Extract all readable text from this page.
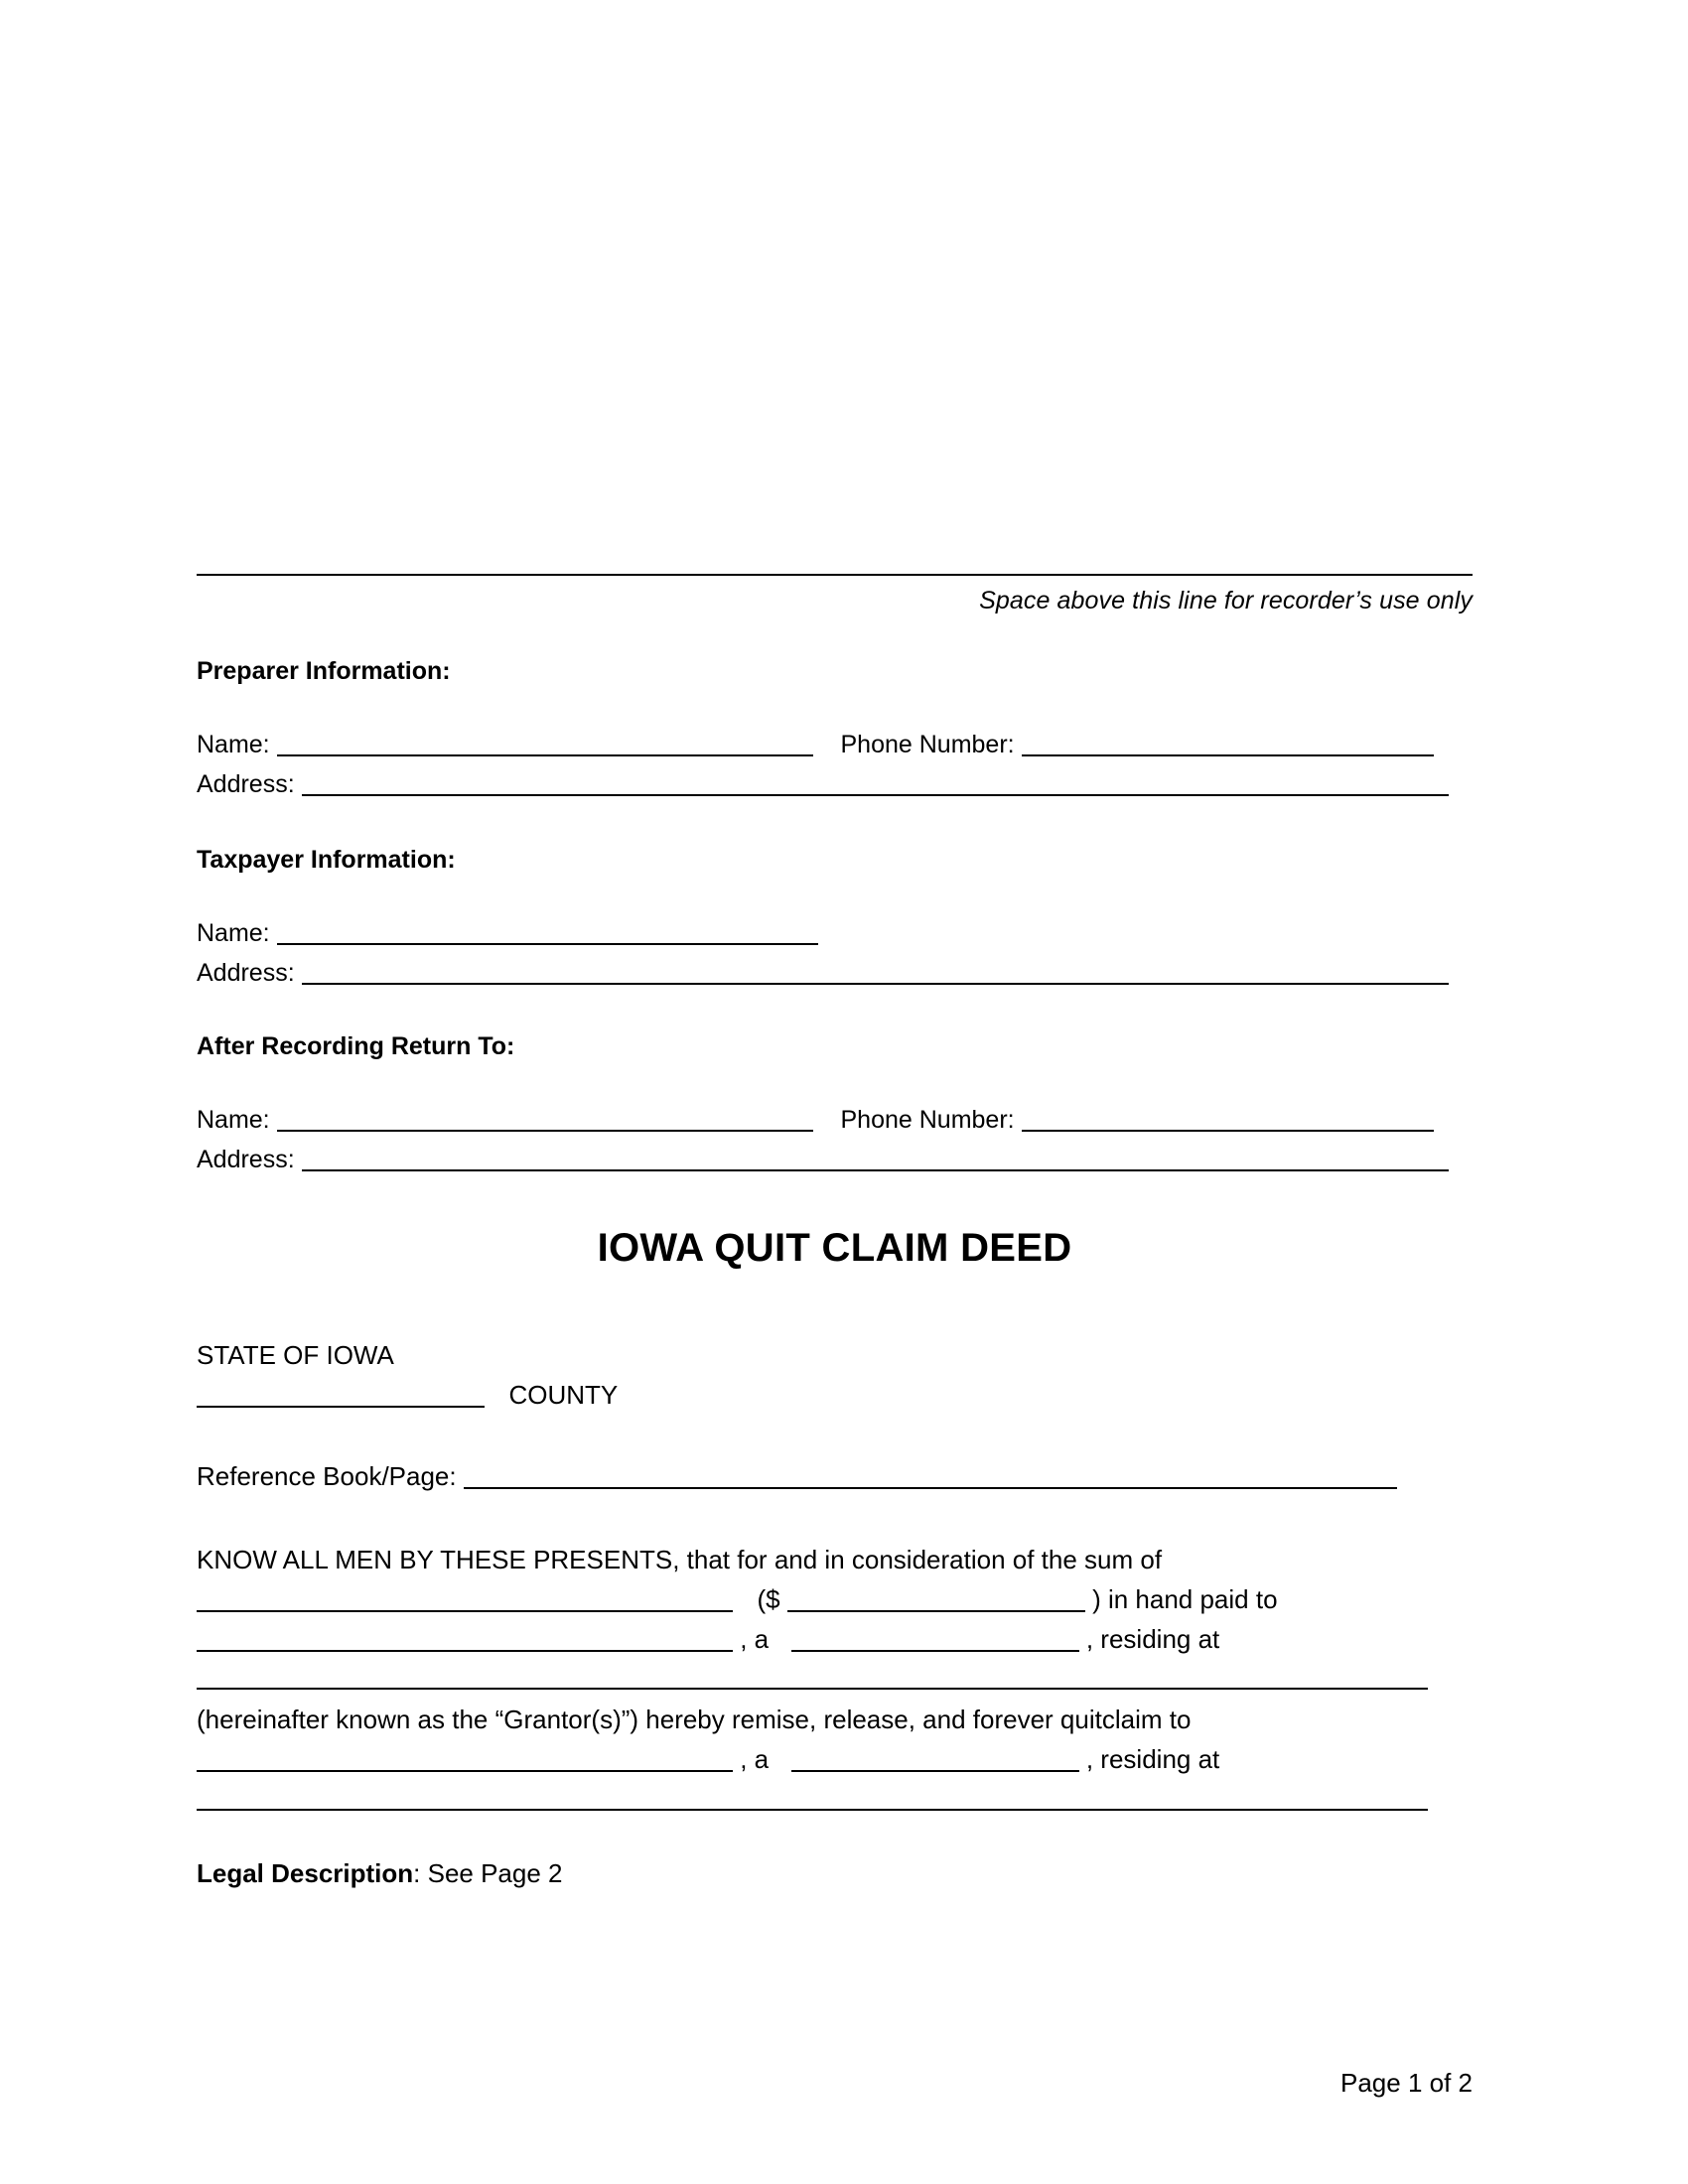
Space above this line for recorder’s use only
Preparer Information:
Name:	Phone Number:
Address:
Taxpayer Information:
Name:
Address:
After Recording Return To:
Name:	Phone Number:
Address:
IOWA QUIT CLAIM DEED
STATE OF IOWA
COUNTY
Reference Book/Page:
KNOW ALL MEN BY THESE PRESENTS, that for and in consideration of the sum of
($	) in hand paid to
, a	, residing at
(hereinafter known as the “Grantor(s)”) hereby remise, release, and forever quitclaim to
, a	, residing at
Legal Description: See Page 2
Page 1 of 2
